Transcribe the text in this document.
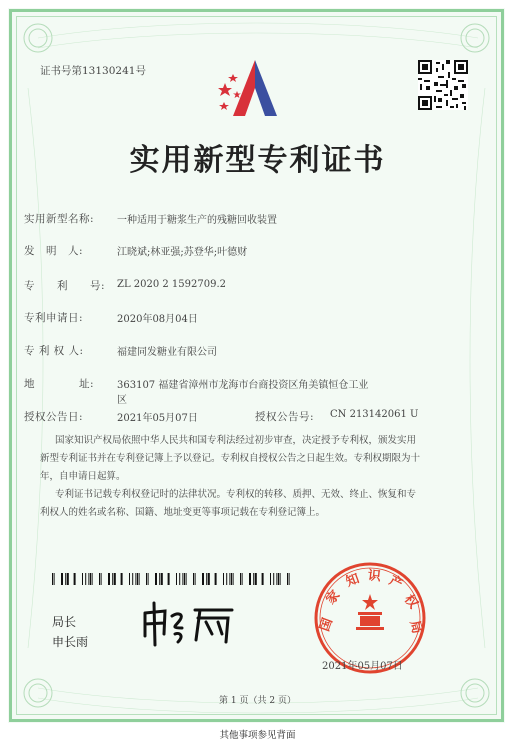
证书号第13130241号
实用新型专利证书
实用新型名称: 一种适用于糖浆生产的残糖回收装置
发　明　人:	江晓斌;林亚强;苏登华;叶德财
专　　利　　号: ZL 2020 2 1592709.2
专利申请日:	2020年08月04日
专 利 权 人:	福建同发糖业有限公司
地　　　　址: 363107 福建省漳州市龙海市台商投资区角美镇恒仓工业
区
授权公告日:	2021年05月07日	授权公告号: CN 213142061 U
国家知识产权局依照中华人民共和国专利法经过初步审查，决定授予专利权，颁发实用
新型专利证书并在专利登记簿上予以登记。专利权自授权公告之日起生效。专利权期限为十
年，自申请日起算。
专利证书记载专利权登记时的法律状况。专利权的转移、质押、无效、终止、恢复和专
利权人的姓名或名称、国籍、地址变更等事项记载在专利登记簿上。
局长
申长雨
国
家
知 识 产
权
局
2021年05月07日
第 1 页（共 2 页）
其他事项参见背面
